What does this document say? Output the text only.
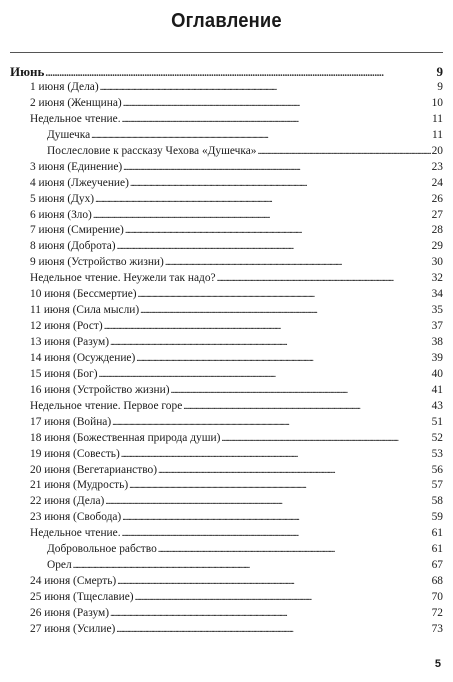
Оглавление
Июнь . . .	9
1 июня (Дела) . . .	9
2 июня (Женщина) . . .	10
Недельное чтение. . . .	11
Душечка . . .	11
Послесловие к рассказу Чехова «Душечка» . . .	20
3 июня (Единение) . . .	23
4 июня (Лжеучение) . . .	24
5 июня (Дух) . . .	26
6 июня (Зло) . . .	27
7 июня (Смирение) . . .	28
8 июня (Доброта) . . .	29
9 июня (Устройство жизни) . . .	30
Недельное чтение. Неужели так надо? . . .	32
10 июня (Бессмертие) . . .	34
11 июня (Сила мысли) . . .	35
12 июня (Рост) . . .	37
13 июня (Разум) . . .	38
14 июня (Осуждение) . . .	39
15 июня (Бог) . . .	40
16 июня (Устройство жизни) . . .	41
Недельное чтение. Первое горе . . .	43
17 июня (Война) . . .	51
18 июня (Божественная природа души) . . .	52
19 июня (Совесть) . . .	53
20 июня (Вегетарианство) . . .	56
21 июня (Мудрость) . . .	57
22 июня (Дела) . . .	58
23 июня (Свобода) . . .	59
Недельное чтение. . . .	61
Добровольное рабство . . .	61
Орел . . .	67
24 июня (Смерть) . . .	68
25 июня (Тщеславие) . . .	70
26 июня (Разум) . . .	72
27 июня (Усилие) . . .	73
5
